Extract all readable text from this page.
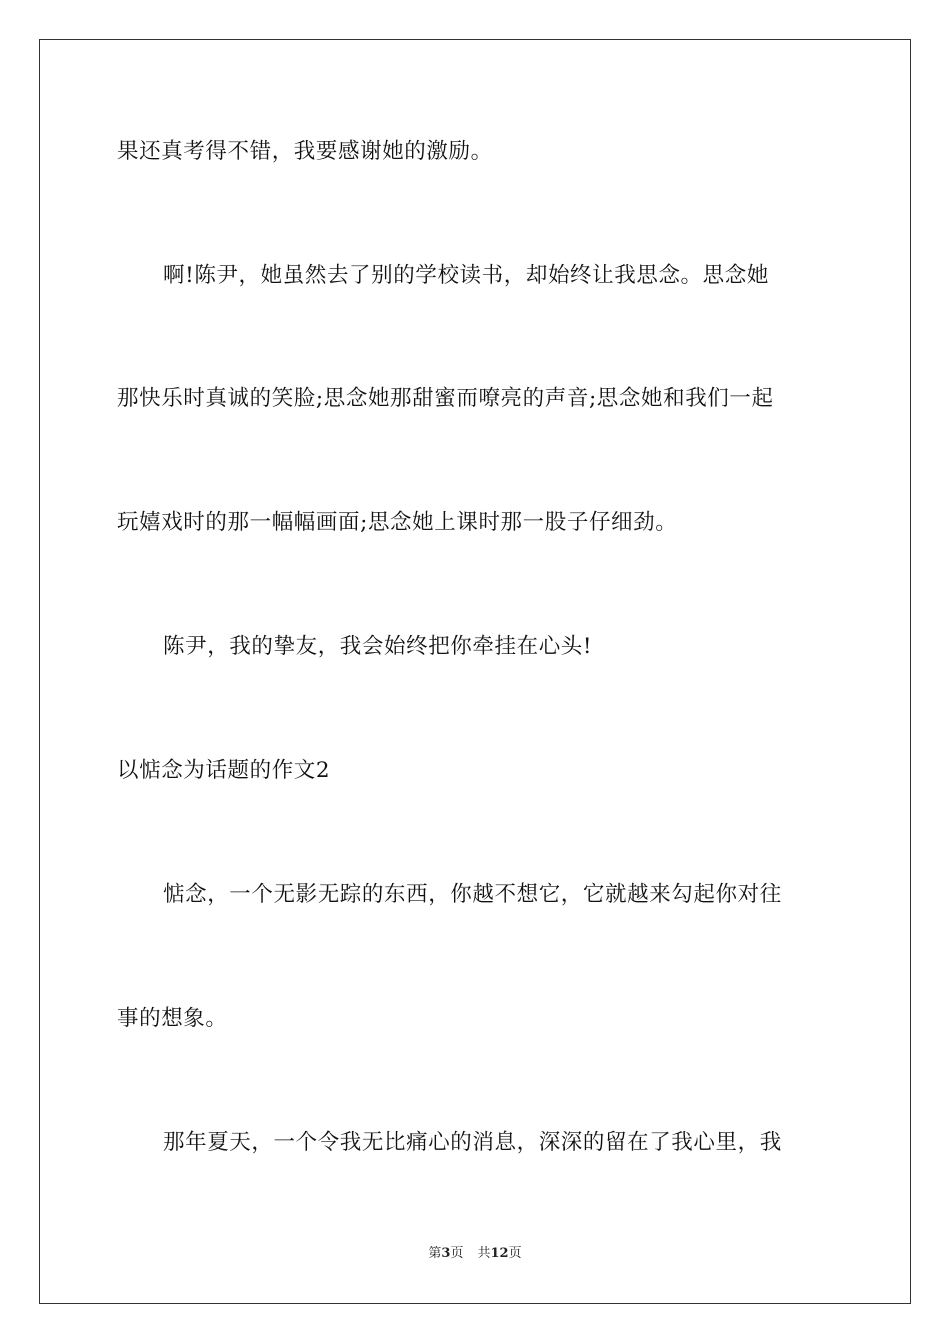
果还真考得不错，我要感谢她的激励。
啊!陈尹，她虽然去了别的学校读书，却始终让我思念。思念她
那快乐时真诚的笑脸;思念她那甜蜜而嘹亮的声音;思念她和我们一起
玩嬉戏时的那一幅幅画面;思念她上课时那一股子仔细劲。
陈尹，我的挚友，我会始终把你牵挂在心头!
以惦念为话题的作文2
惦念，一个无影无踪的东西，你越不想它，它就越来勾起你对往
事的想象。
那年夏天，一个令我无比痛心的消息，深深的留在了我心里，我
第3页 共12页
